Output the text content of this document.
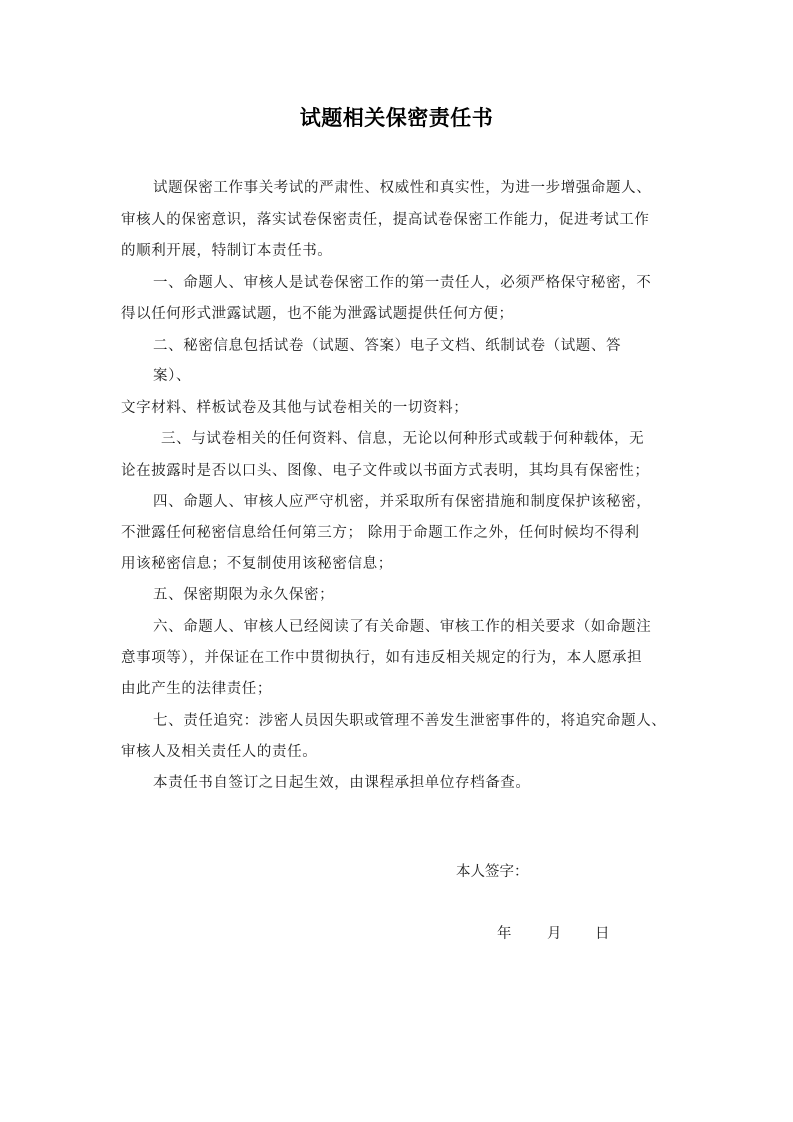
试题相关保密责任书
试题保密工作事关考试的严肃性、权威性和真实性，为进一步增强命题人、
审核人的保密意识，落实试卷保密责任，提高试卷保密工作能力，促进考试工作
的顺利开展，特制订本责任书。
一、命题人、审核人是试卷保密工作的第一责任人，必须严格保守秘密，不
得以任何形式泄露试题，也不能为泄露试题提供任何方便；
二、秘密信息包括试卷（试题、答案）电子文档、纸制试卷（试题、答
案）、
文字材料、样板试卷及其他与试卷相关的一切资料；
三、与试卷相关的任何资料、信息，无论以何种形式或载于何种载体，无
论在披露时是否以口头、图像、电子文件或以书面方式表明，其均具有保密性；
四、命题人、审核人应严守机密，并采取所有保密措施和制度保护该秘密，
不泄露任何秘密信息给任何第三方； 除用于命题工作之外，任何时候均不得利
用该秘密信息；不复制使用该秘密信息；
五、保密期限为永久保密；
六、命题人、审核人已经阅读了有关命题、审核工作的相关要求（如命题注
意事项等），并保证在工作中贯彻执行，如有违反相关规定的行为，本人愿承担
由此产生的法律责任；
七、责任追究：涉密人员因失职或管理不善发生泄密事件的，将追究命题人、
审核人及相关责任人的责任。
本责任书自签订之日起生效，由课程承担单位存档备查。
本人签字：
年 月 日
